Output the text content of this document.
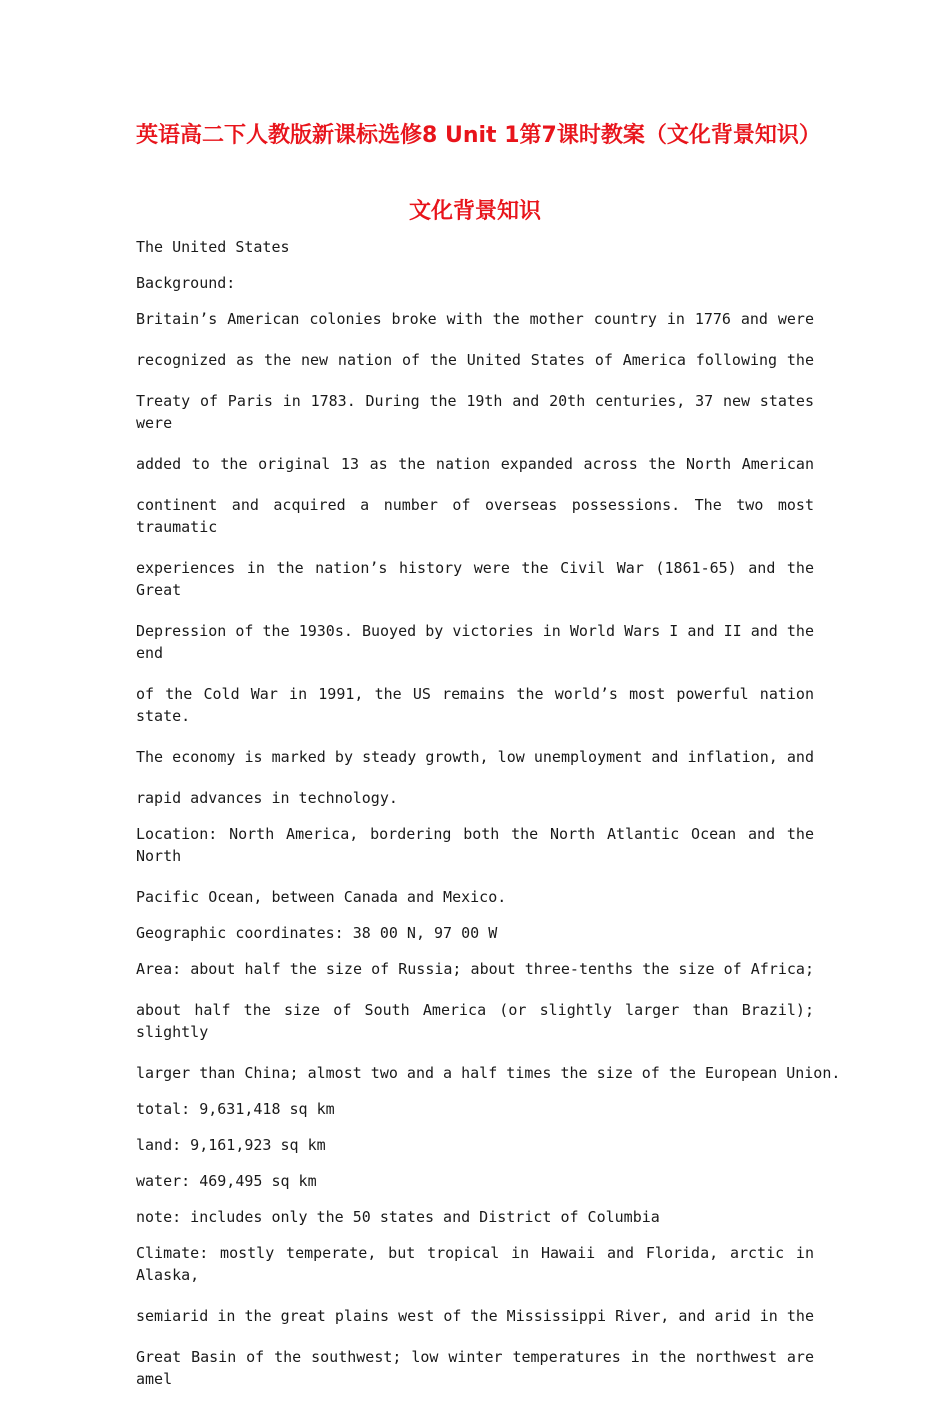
英语高二下人教版新课标选修8 Unit 1第7课时教案（文化背景知识）
文化背景知识

The United States

Background:

Britain’s American colonies broke with the mother country in 1776 and were

recognized as the new nation of the United States of America following the

Treaty of Paris in 1783. During the 19th and 20th centuries, 37 new states were

added to the original 13 as the nation expanded across the North American

continent and acquired a number of overseas possessions. The two most traumatic

experiences in the nation’s history were the Civil War (1861-65) and the Great

Depression of the 1930s. Buoyed by victories in World Wars I and II and the end

of the Cold War in 1991, the US remains the world’s most powerful nation state.

The economy is marked by steady growth, low unemployment and inflation, and

rapid advances in technology.

Location: North America, bordering both the North Atlantic Ocean and the North

Pacific Ocean, between Canada and Mexico.

Geographic coordinates: 38 00 N, 97 00 W

Area: about half the size of Russia; about three-tenths the size of Africa;

about half the size of South America (or slightly larger than Brazil); slightly

larger than China; almost two and a half times the size of the European Union.

total: 9,631,418 sq km

land: 9,161,923 sq km

water: 469,495 sq km

note: includes only the 50 states and District of Columbia

Climate: mostly temperate, but tropical in Hawaii and Florida, arctic in Alaska,

semiarid in the great plains west of the Mississippi River, and arid in the

Great Basin of the southwest; low winter temperatures in the northwest are amel
